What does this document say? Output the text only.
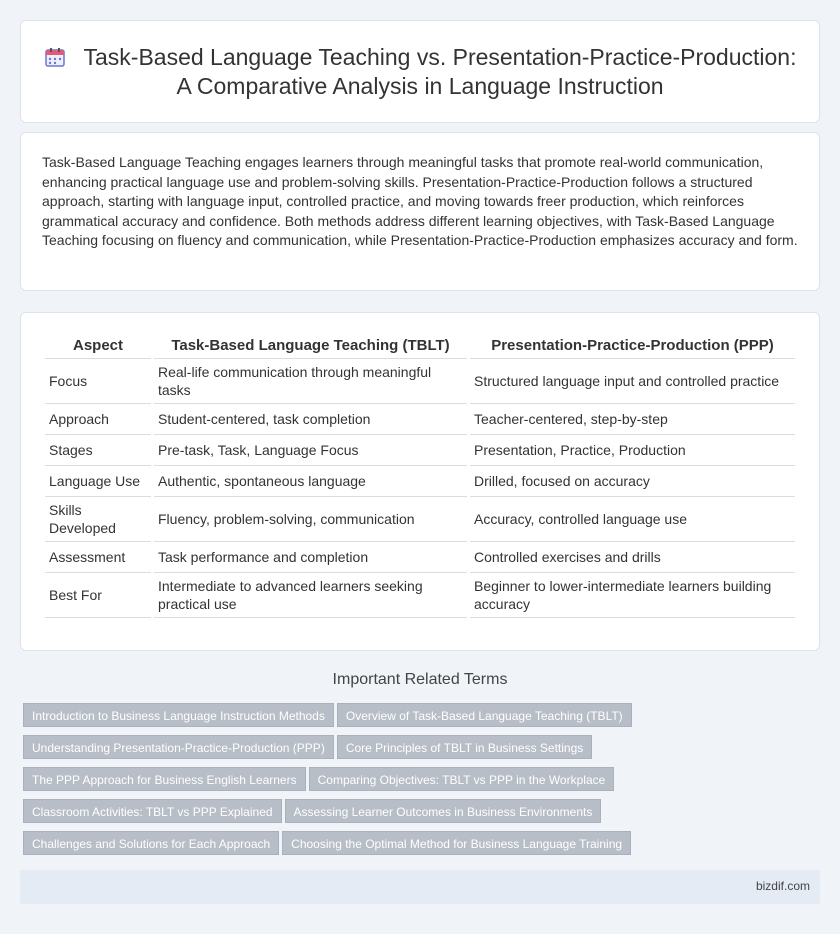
Task-Based Language Teaching vs. Presentation-Practice-Production: A Comparative Analysis in Language Instruction

Task-Based Language Teaching engages learners through meaningful tasks that promote real-world communication, enhancing practical language use and problem-solving skills. Presentation-Practice-Production follows a structured approach, starting with language input, controlled practice, and moving towards freer production, which reinforces grammatical accuracy and confidence. Both methods address different learning objectives, with Task-Based Language Teaching focusing on fluency and communication, while Presentation-Practice-Production emphasizes accuracy and form.

Aspect	Task-Based Language Teaching (TBLT)	Presentation-Practice-Production (PPP)
Focus	Real-life communication through meaningful tasks	Structured language input and controlled practice
Approach	Student-centered, task completion	Teacher-centered, step-by-step
Stages	Pre-task, Task, Language Focus	Presentation, Practice, Production
Language Use	Authentic, spontaneous language	Drilled, focused on accuracy
Skills Developed	Fluency, problem-solving, communication	Accuracy, controlled language use
Assessment	Task performance and completion	Controlled exercises and drills
Best For	Intermediate to advanced learners seeking practical use	Beginner to lower-intermediate learners building accuracy
Important Related Terms
Introduction to Business Language Instruction Methods Overview of Task-Based Language Teaching (TBLT)
Understanding Presentation-Practice-Production (PPP) Core Principles of TBLT in Business Settings
The PPP Approach for Business English Learners Comparing Objectives: TBLT vs PPP in the Workplace
Classroom Activities: TBLT vs PPP Explained Assessing Learner Outcomes in Business Environments
Challenges and Solutions for Each Approach Choosing the Optimal Method for Business Language Training
bizdif.com
